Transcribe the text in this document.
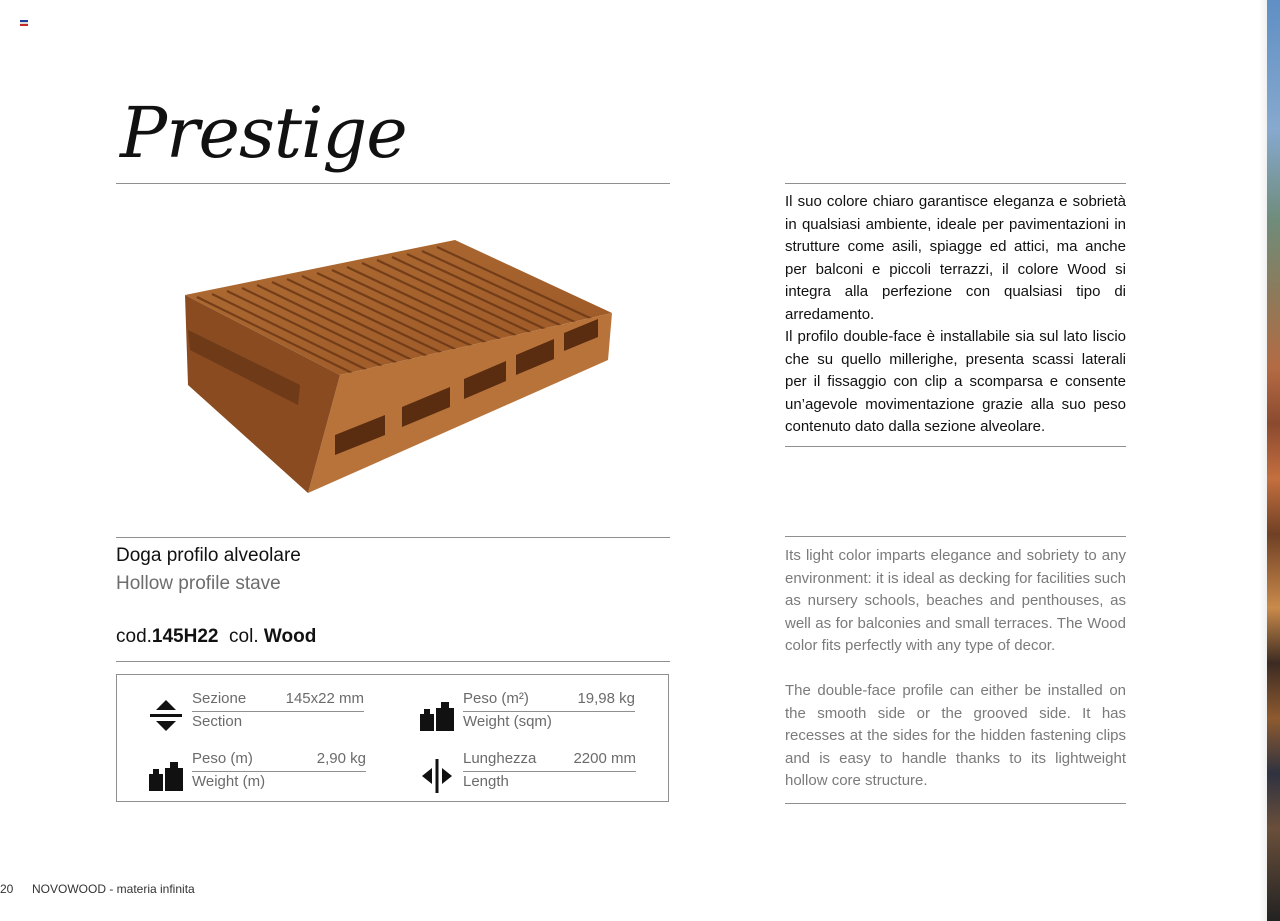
Prestige
Doga profilo alveolare
Hollow profile stave
cod.145H22 col. Wood
Sezione	145x22 mm
Section
Peso (m²)	19,98 kg
Weight (sqm)
Peso (m)	2,90 kg
Weight (m)
Lunghezza	2200 mm
Length
Il suo colore chiaro garantisce eleganza e sobrietà in qualsiasi ambiente, ideale per pavimentazioni in strutture come asili, spiagge ed attici, ma anche per balconi e piccoli terrazzi, il colore Wood si integra alla perfezione con qualsiasi tipo di arredamento.
Il profilo double-face è installabile sia sul lato liscio che su quello millerighe, presenta scassi laterali per il fissaggio con clip a scomparsa e consente un’agevole movimentazione grazie alla suo peso contenuto dato dalla sezione alveolare.
Its light color imparts elegance and sobriety to any environment: it is ideal as decking for facilities such as nursery schools, beaches and penthouses, as well as for balconies and small terraces. The Wood color fits perfectly with any type of decor.
The double-face profile can either be installed on the smooth side or the grooved side. It has recesses at the sides for the hidden fastening clips and is easy to handle thanks to its lightweight hollow core structure.
20 NOVOWOOD - materia infinita
